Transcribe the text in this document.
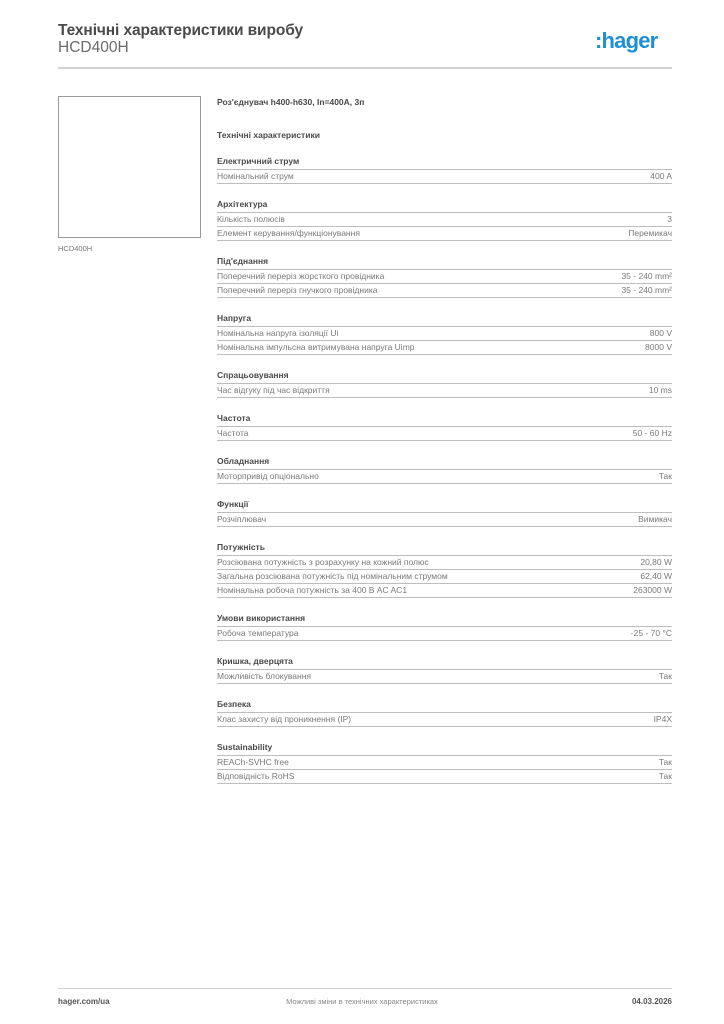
Технічні характеристики виробу
HCD400H	:hager
HCD400H
Роз'єднувач h400-h630, In=400A, 3п
Технічні характеристики
Електричний струм
Номінальний струм	400 A
Архітектура
Кількість полюсів	3
Елемент керування/функціонування	Перемикач
Під'єднання
Поперечний переріз жорсткого провідника	35 - 240 mm²
Поперечний переріз гнучкого провідника	35 - 240 mm²
Напруга
Номінальна напруга ізоляції Ui	800 V
Номінальна імпульсна витримувана напруга Uimp	8000 V
Спрацьовування
Час відгуку під час відкриття	10 ms
Частота
Частота	50 - 60 Hz
Обладнання
Моторпривід опціонально	Так
Функції
Розчіплювач	Вимикач
Потужність
Розсіювана потужність з розрахунку на кожний полюс	20,80 W
Загальна розсіювана потужність під номінальним струмом	62,40 W
Номінальна робоча потужність за 400 В AC AC1	263000 W
Умови використання
Робоча температура	-25 - 70 °C
Кришка, дверцята
Можливість блокування	Так
Безпека
Клас захисту від проникнення (IP)	IP4X
Sustainability
REACh-SVHC free	Так
Відповідність RoHS	Так
hager.com/ua	Можливі зміни в технічних характеристиках	04.03.2026
